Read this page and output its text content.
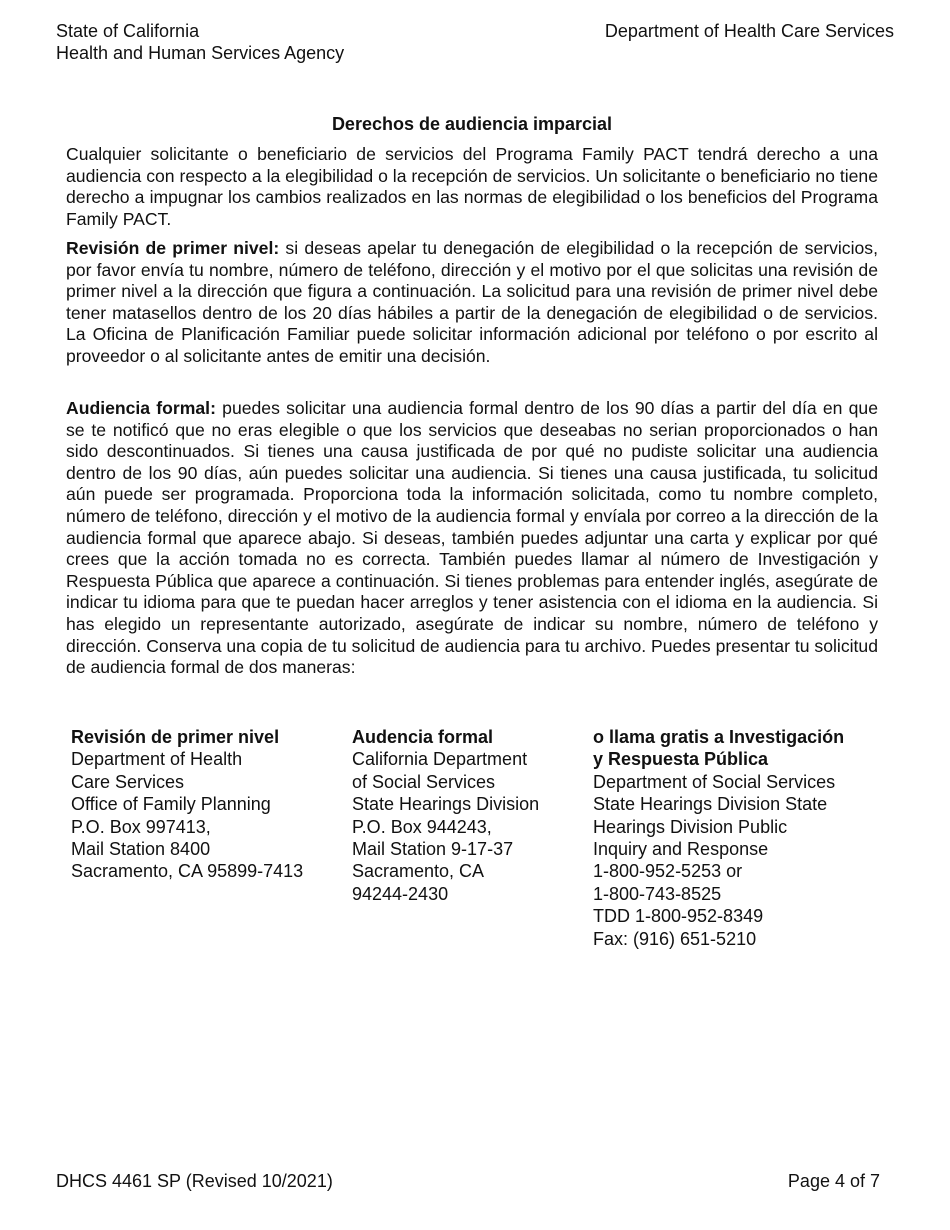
State of California
Health and Human Services Agency
Department of Health Care Services
Derechos de audiencia imparcial

Cualquier solicitante o beneficiario de servicios del Programa Family PACT tendrá derecho a una audiencia con respecto a la elegibilidad o la recepción de servicios. Un solicitante o beneficiario no tiene derecho a impugnar los cambios realizados en las normas de elegibilidad o los beneficios del Programa Family PACT.

Revisión de primer nivel: si deseas apelar tu denegación de elegibilidad o la recepción de servicios, por favor envía tu nombre, número de teléfono, dirección y el motivo por el que solicitas una revisión de primer nivel a la dirección que figura a continuación. La solicitud para una revisión de primer nivel debe tener matasellos dentro de los 20 días hábiles a partir de la denegación de elegibilidad o de servicios. La Oficina de Planificación Familiar puede solicitar información adicional por teléfono o por escrito al proveedor o al solicitante antes de emitir una decisión.

Audiencia formal: puedes solicitar una audiencia formal dentro de los 90 días a partir del día en que se te notificó que no eras elegible o que los servicios que deseabas no serian proporcionados o han sido descontinuados. Si tienes una causa justificada de por qué no pudiste solicitar una audiencia dentro de los 90 días, aún puedes solicitar una audiencia. Si tienes una causa justificada, tu solicitud aún puede ser programada. Proporciona toda la información solicitada, como tu nombre completo, número de teléfono, dirección y el motivo de la audiencia formal y envíala por correo a la dirección de la audiencia formal que aparece abajo. Si deseas, también puedes adjuntar una carta y explicar por qué crees que la acción tomada no es correcta. También puedes llamar al número de Investigación y Respuesta Pública que aparece a continuación. Si tienes problemas para entender inglés, asegúrate de indicar tu idioma para que te puedan hacer arreglos y tener asistencia con el idioma en la audiencia. Si has elegido un representante autorizado, asegúrate de indicar su nombre, número de teléfono y dirección. Conserva una copia de tu solicitud de audiencia para tu archivo. Puedes presentar tu solicitud de audiencia formal de dos maneras:

Revisión de primer nivel
Department of Health
Care Services
Office of Family Planning
P.O. Box 997413,
Mail Station 8400
Sacramento, CA 95899-7413
Audencia formal
California Department
of Social Services
State Hearings Division
P.O. Box 944243,
Mail Station 9-17-37
Sacramento, CA
94244-2430
o llama gratis a Investigación
y Respuesta Pública
Department of Social Services
State Hearings Division State
Hearings Division Public
Inquiry and Response
1-800-952-5253 or
1-800-743-8525
TDD 1-800-952-8349
Fax: (916) 651-5210
DHCS 4461 SP (Revised 10/2021)	Page 4 of 7
